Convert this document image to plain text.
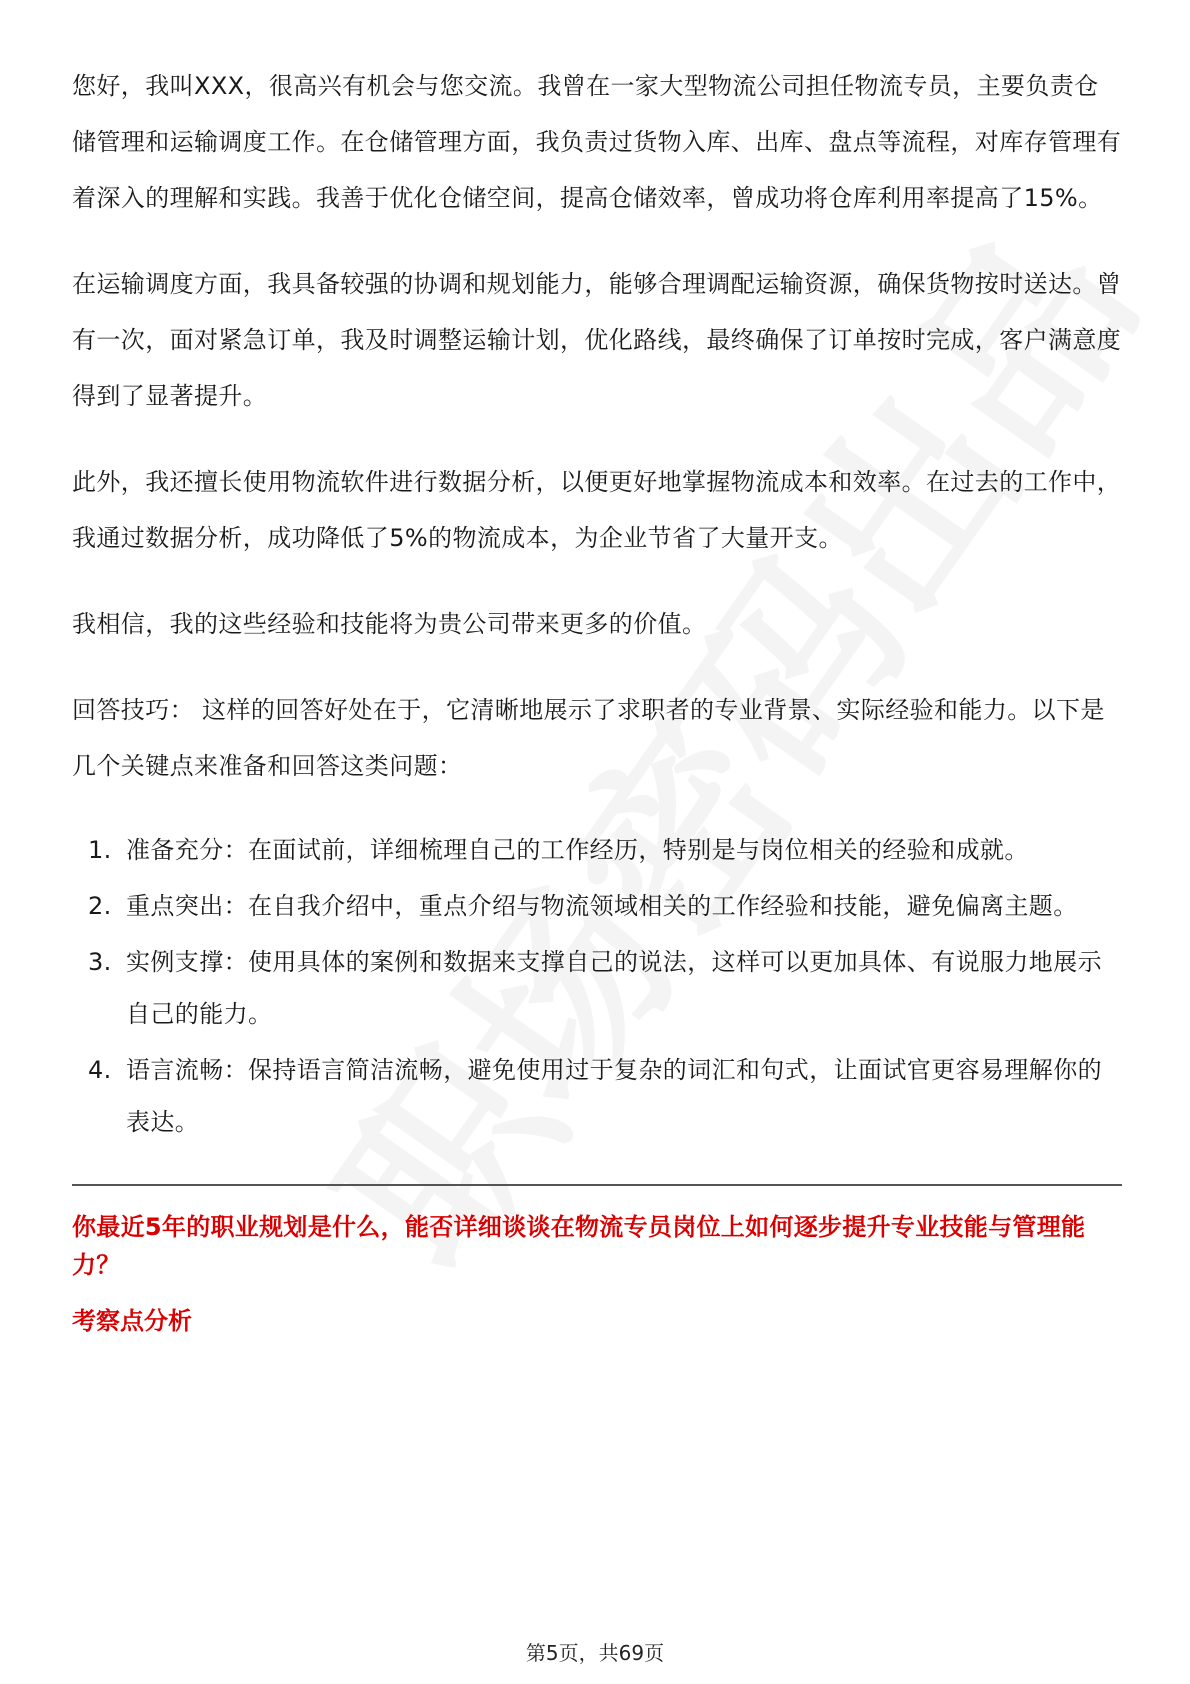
您好，我叫XXX，很高兴有机会与您交流。我曾在一家大型物流公司担任物流专员，主要负责仓储管理和运输调度工作。在仓储管理方面，我负责过货物入库、出库、盘点等流程，对库存管理有着深入的理解和实践。我善于优化仓储空间，提高仓储效率，曾成功将仓库利用率提高了15%。

在运输调度方面，我具备较强的协调和规划能力，能够合理调配运输资源，确保货物按时送达。曾有一次，面对紧急订单，我及时调整运输计划，优化路线，最终确保了订单按时完成，客户满意度得到了显著提升。

此外，我还擅长使用物流软件进行数据分析，以便更好地掌握物流成本和效率。在过去的工作中，我通过数据分析，成功降低了5%的物流成本，为企业节省了大量开支。

我相信，我的这些经验和技能将为贵公司带来更多的价值。

回答技巧： 这样的回答好处在于，它清晰地展示了求职者的专业背景、实际经验和能力。以下是几个关键点来准备和回答这类问题：

1. 准备充分：在面试前，详细梳理自己的工作经历，特别是与岗位相关的经验和成就。
2. 重点突出：在自我介绍中，重点介绍与物流领域相关的工作经验和技能，避免偏离主题。
3. 实例支撑：使用具体的案例和数据来支撑自己的说法，这样可以更加具体、有说服力地展示自己的能力。
4. 语言流畅：保持语言简洁流畅，避免使用过于复杂的词汇和句式，让面试官更容易理解你的表达。

你最近5年的职业规划是什么，能否详细谈谈在物流专员岗位上如何逐步提升专业技能与管理能力？

考察点分析

第5页，共69页
